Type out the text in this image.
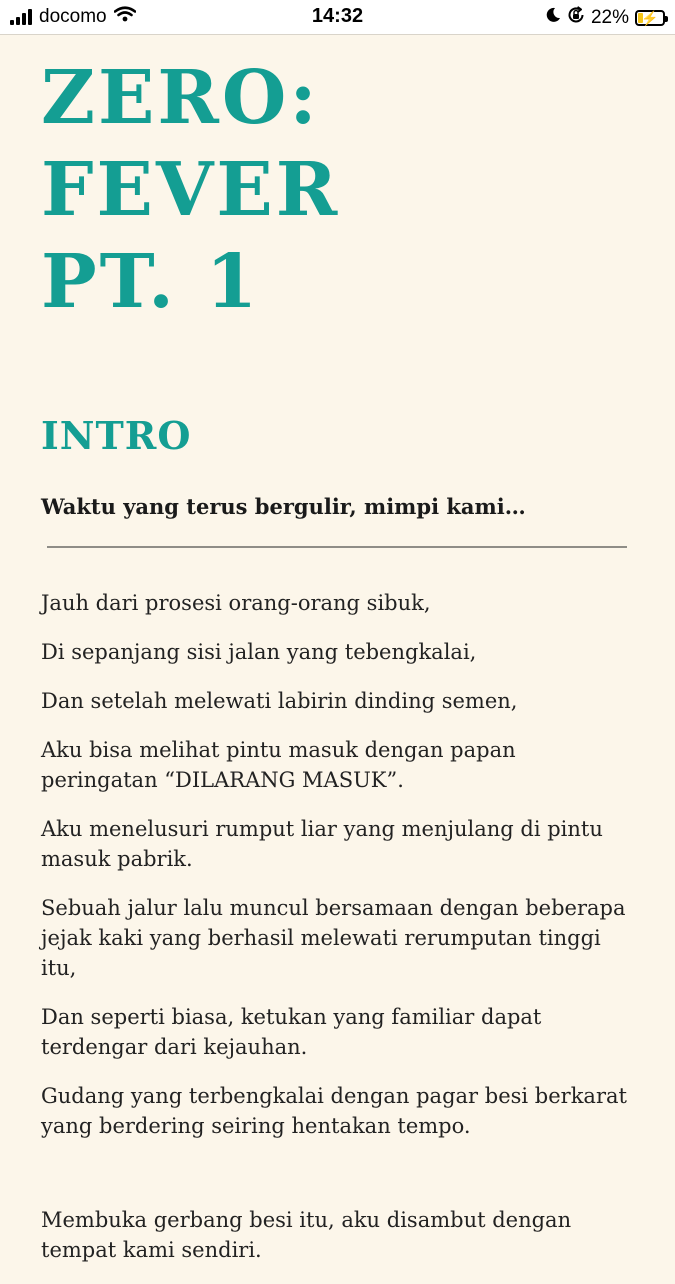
docomo	14:32	22% ⚡
ZERO: FEVER
PT. 1
INTRO

Waktu yang terus bergulir, mimpi kami…

Jauh dari prosesi orang-orang sibuk,

Di sepanjang sisi jalan yang tebengkalai,

Dan setelah melewati labirin dinding semen,

Aku bisa melihat pintu masuk dengan papan peringatan “DILARANG MASUK”.

Aku menelusuri rumput liar yang menjulang di pintu masuk pabrik.

Sebuah jalur lalu muncul bersamaan dengan beberapa jejak kaki yang berhasil melewati rerumputan tinggi itu,

Dan seperti biasa, ketukan yang familiar dapat terdengar dari kejauhan.

Gudang yang terbengkalai dengan pagar besi berkarat yang berdering seiring hentakan tempo.

Membuka gerbang besi itu, aku disambut dengan tempat kami sendiri.
